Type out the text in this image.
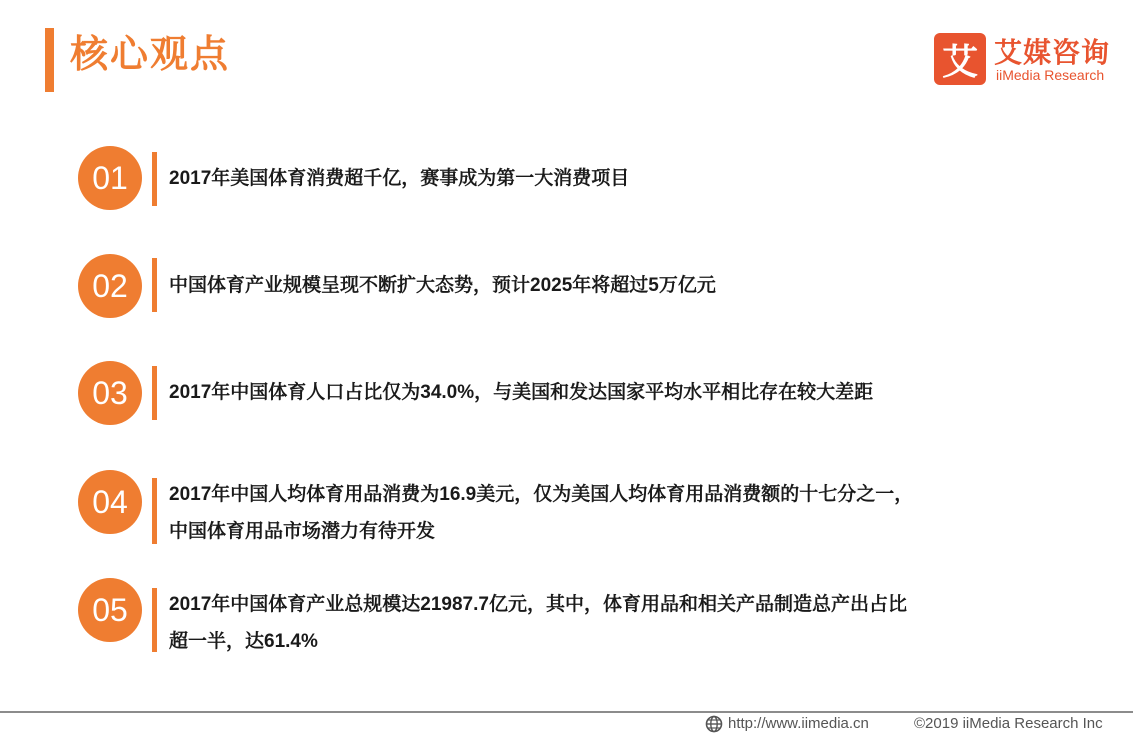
核心观点	艾 艾媒咨询
iiMedia Research
01	2017年美国体育消费超千亿，赛事成为第一大消费项目
02	中国体育产业规模呈现不断扩大态势，预计2025年将超过5万亿元
03	2017年中国体育人口占比仅为34.0%，与美国和发达国家平均水平相比存在较大差距
04	2017年中国人均体育用品消费为16.9美元，仅为美国人均体育用品消费额的十七分之一，
中国体育用品市场潜力有待开发
05	2017年中国体育产业总规模达21987.7亿元，其中，体育用品和相关产品制造总产出占比
超一半，达61.4%
http://www.iimedia.cn	©2019 iiMedia Research Inc
